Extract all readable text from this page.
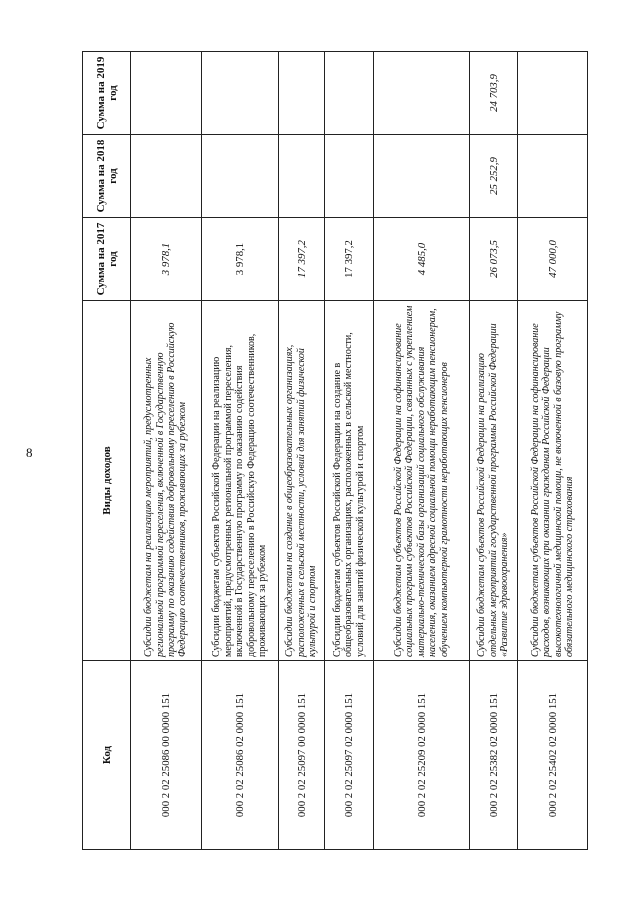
8
Код	Виды доходов	Сумма на 2017 год	Сумма на 2018 год	Сумма на 2019 год
000 2 02 25086 00 0000 151	Субсидии бюджетам на реализацию мероприятий, предусмотренных региональной программой переселения, включенной в Государственную программу по оказанию содействия добровольному переселению в Российскую Федерацию соотечественников, проживающих за рубежом	3 978,1		
000 2 02 25086 02 0000 151	Субсидии бюджетам субъектов Российской Федерации на реализацию мероприятий, предусмотренных региональной программой переселения, включенной в Государственную программу по оказанию содействия добровольному переселению в Российскую Федерацию соотечественников, проживающих за рубежом	3 978,1		
000 2 02 25097 00 0000 151	Субсидии бюджетам на создание в общеобразовательных организациях, расположенных в сельской местности, условий для занятий физической культурой и спортом	17 397,2		
000 2 02 25097 02 0000 151	Субсидии бюджетам субъектов Российской Федерации на создание в общеобразовательных организациях, расположенных в сельской местности, условий для занятий физической культурой и спортом	17 397,2		
000 2 02 25209 02 0000 151	Субсидии бюджетам субъектов Российской Федерации на софинансирование социальных программ субъектов Российской Федерации, связанных с укреплением материально-технической базы организаций социального обслуживания населения, оказанием адресной социальной помощи неработающим пенсионерам, обучением компьютерной грамотности неработающих пенсионеров	4 485,0		
000 2 02 25382 02 0000 151	Субсидии бюджетам субъектов Российской Федерации на реализацию отдельных мероприятий государственной программы Российской Федерации «Развитие здравоохранения»	26 073,5	25 252,9	24 703,9
000 2 02 25402 02 0000 151	Субсидии бюджетам субъектов Российской Федерации на софинансирование расходов, возникающих при оказании гражданам Российской Федерации высокотехнологичной медицинской помощи, не включенной в базовую программу обязательного медицинского страхования	47 000,0		
